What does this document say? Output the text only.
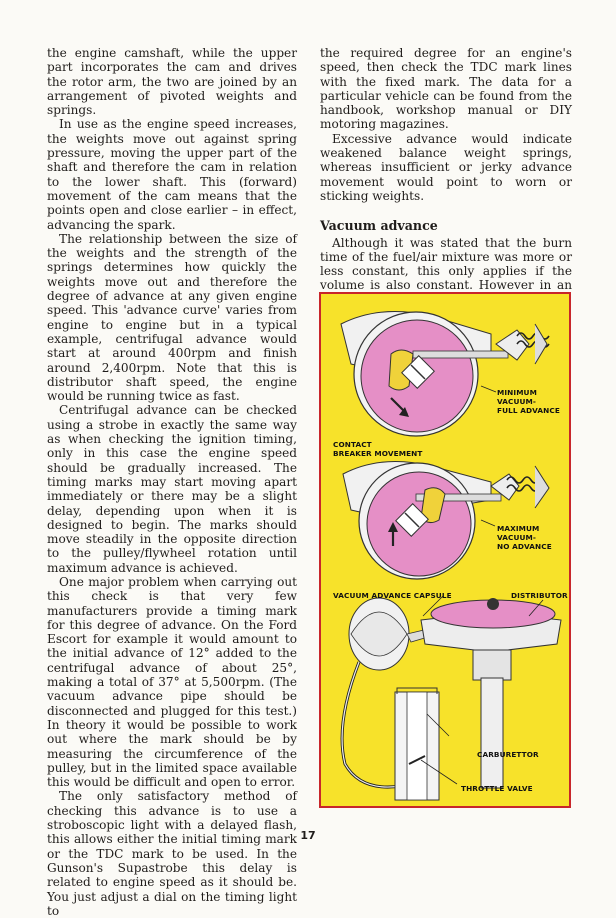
the engine camshaft, while the upper part incorporates the cam and drives the rotor arm, the two are joined by an arrangement of pivoted weights and springs.

In use as the engine speed increases, the weights move out against spring pressure, moving the upper part of the shaft and therefore the cam in relation to the lower shaft. This (forward) movement of the cam means that the points open and close earlier – in effect, advancing the spark.

The relationship between the size of the weights and the strength of the springs determines how quickly the weights move out and therefore the degree of advance at any given engine speed. This 'advance curve' varies from engine to engine but in a typical example, centrifugal advance would start at around 400rpm and finish around 2,400rpm. Note that this is distributor shaft speed, the engine would be running twice as fast.

Centrifugal advance can be checked using a strobe in exactly the same way as when checking the ignition timing, only in this case the engine speed should be gradually increased. The timing marks may start moving apart immediately or there may be a slight delay, depending upon when it is designed to begin. The marks should move steadily in the opposite direction to the pulley/flywheel rotation until maximum advance is achieved.

One major problem when carrying out this check is that very few manufacturers provide a timing mark for this degree of advance. On the Ford Escort for example it would amount to the initial advance of 12° added to the centrifugal advance of about 25°, making a total of 37° at 5,500rpm. (The vacuum advance pipe should be disconnected and plugged for this test.) In theory it would be possible to work out where the mark should be by measuring the circumference of the pulley, but in the limited space available this would be difficult and open to error.

The only satisfactory method of checking this advance is to use a stroboscopic light with a delayed flash, this allows either the initial timing mark or the TDC mark to be used. In the Gunson's Supastrobe this delay is related to engine speed as it should be. You just adjust a dial on the timing light to

the required degree for an engine's speed, then check the TDC mark lines with the fixed mark. The data for a particular vehicle can be found from the handbook, workshop manual or DIY motoring magazines.

Excessive advance would indicate weakened balance weight springs, whereas insufficient or jerky advance movement would point to worn or sticking weights.

Vacuum advance

Although it was stated that the burn time of the fuel/air mixture was more or less constant, this only applies if the volume is also constant. However in an

MINIMUM
VACUUM-
FULL ADVANCE
CONTACT
BREAKER MOVEMENT
MAXIMUM
VACUUM-
NO ADVANCE
VACUUM ADVANCE CAPSULE	DISTRIBUTOR
CARBURETTOR
THROTTLE VALVE
17
